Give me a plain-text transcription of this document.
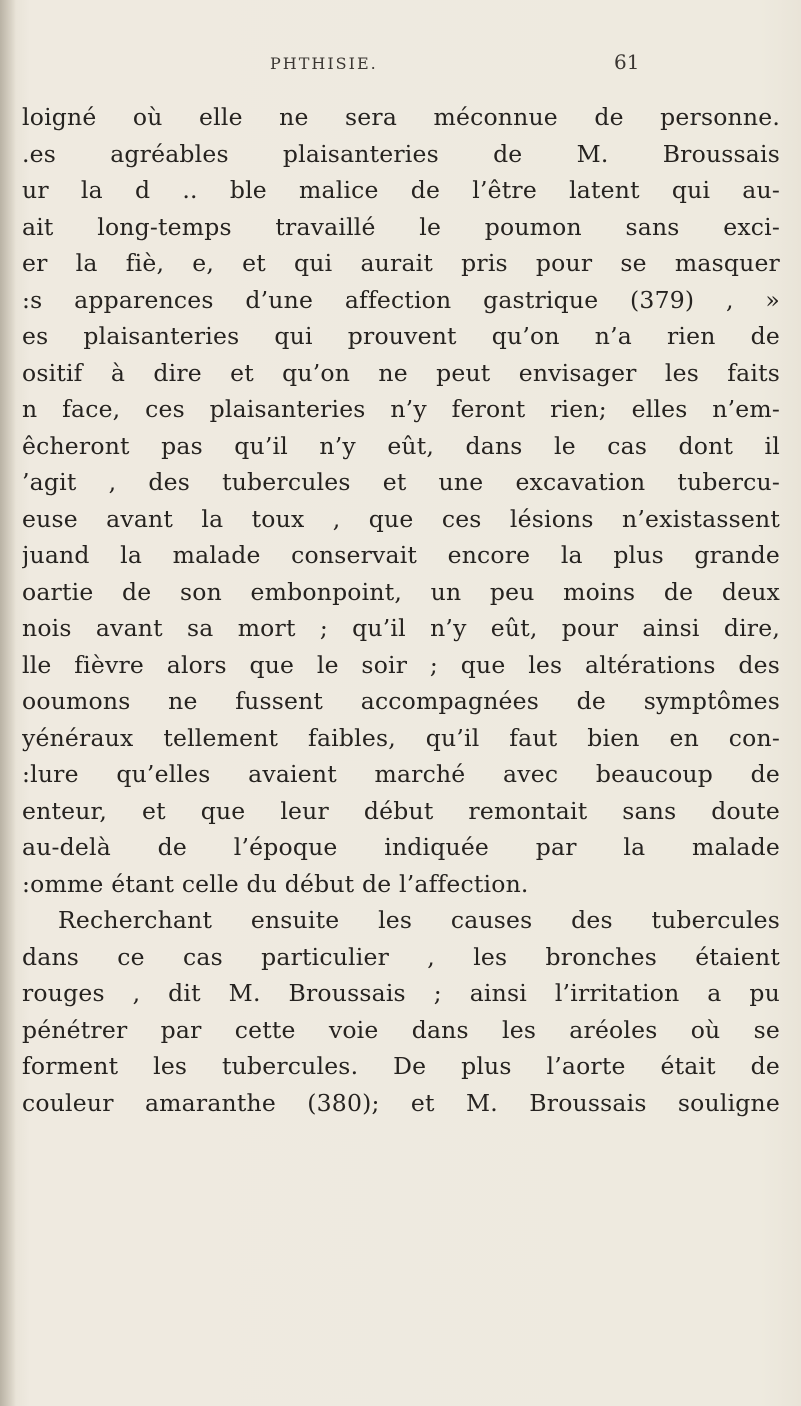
PHTHISIE.	61
loigné où elle ne sera méconnue de personne.
.es agréables plaisanteries de M. Broussais
ur la d .. ble malice de l’être latent qui au-
ait long-temps travaillé le poumon sans exci-
er la fiè, e, et qui aurait pris pour se masquer
:s apparences d’une affection gastrique (379) , »
es plaisanteries qui prouvent qu’on n’a rien de
ositif à dire et qu’on ne peut envisager les faits
n face, ces plaisanteries n’y feront rien; elles n’em-
êcheront pas qu’il n’y eût, dans le cas dont il
’agit , des tubercules et une excavation tubercu-
euse avant la toux , que ces lésions n’existassent
juand la malade conservait encore la plus grande
oartie de son embonpoint, un peu moins de deux
nois avant sa mort ; qu’il n’y eût, pour ainsi dire,
lle fièvre alors que le soir ; que les altérations des
ooumons ne fussent accompagnées de symptômes
yénéraux tellement faibles, qu’il faut bien en con-
:lure qu’elles avaient marché avec beaucoup de
enteur, et que leur début remontait sans doute
au-delà de l’époque indiquée par la malade
:omme étant celle du début de l’affection.
Recherchant ensuite les causes des tubercules
dans ce cas particulier , les bronches étaient
rouges , dit M. Broussais ; ainsi l’irritation a pu
pénétrer par cette voie dans les aréoles où se
forment les tubercules. De plus l’aorte était de
couleur amaranthe (380); et M. Broussais souligne
